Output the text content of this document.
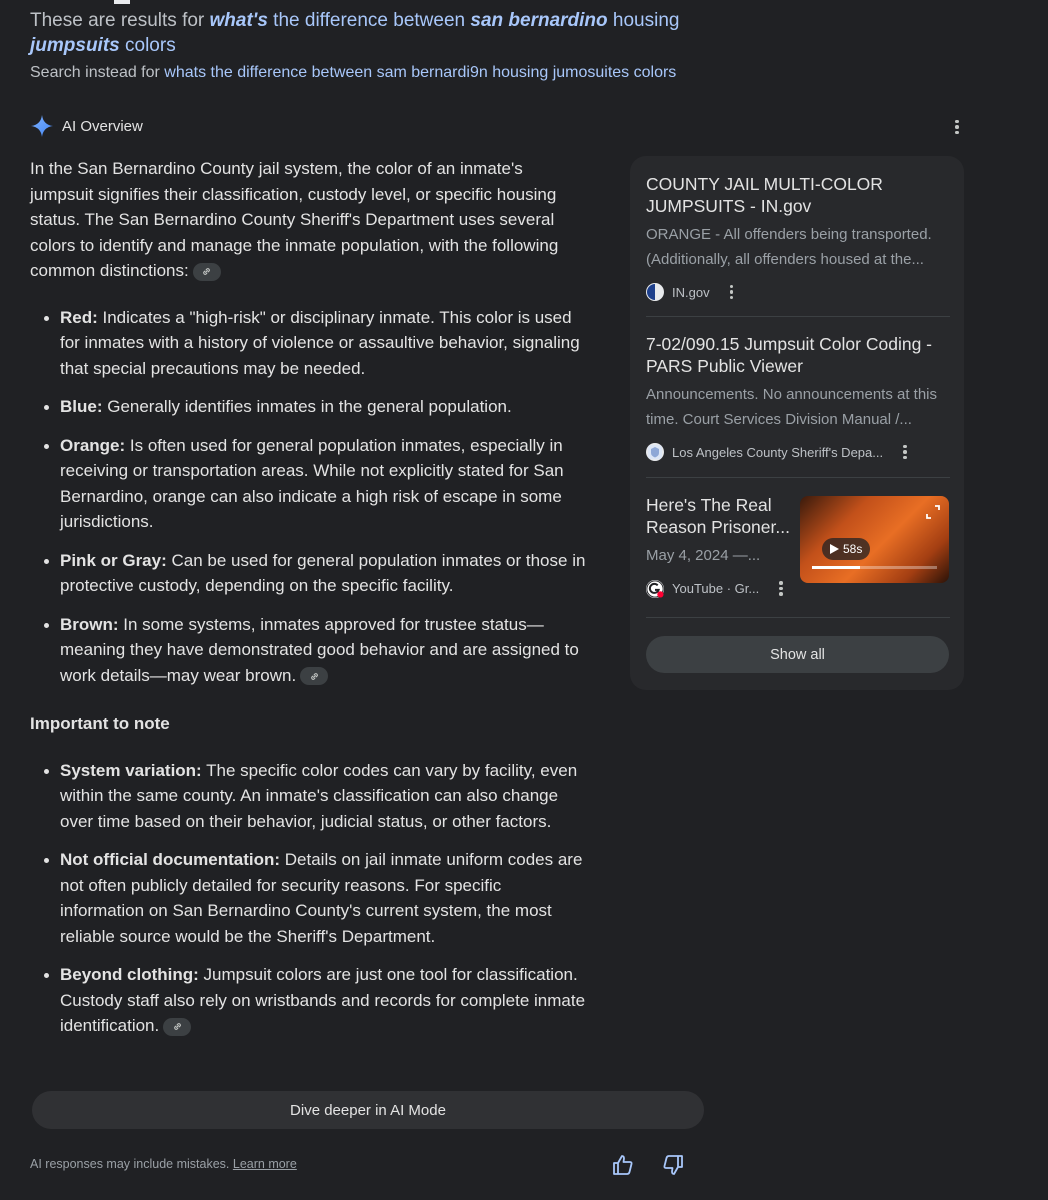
These are results for what's the difference between san bernardino housing jumpsuits colors
Search instead for whats the difference between sam bernardi9n housing jumosuites colors
AI Overview

In the San Bernardino County jail system, the color of an inmate's jumpsuit signifies their classification, custody level, or specific housing status. The San Bernardino County Sheriff's Department uses several colors to identify and manage the inmate population, with the following common distinctions:

Red: Indicates a "high-risk" or disciplinary inmate. This color is used for inmates with a history of violence or assaultive behavior, signaling that special precautions may be needed.
Blue: Generally identifies inmates in the general population.
Orange: Is often used for general population inmates, especially in receiving or transportation areas. While not explicitly stated for San Bernardino, orange can also indicate a high risk of escape in some jurisdictions.
Pink or Gray: Can be used for general population inmates or those in protective custody, depending on the specific facility.
Brown: In some systems, inmates approved for trustee status—meaning they have demonstrated good behavior and are assigned to work details—may wear brown.

Important to note

System variation: The specific color codes can vary by facility, even within the same county. An inmate's classification can also change over time based on their behavior, judicial status, or other factors.
Not official documentation: Details on jail inmate uniform codes are not often publicly detailed for security reasons. For specific information on San Bernardino County's current system, the most reliable source would be the Sheriff's Department.
Beyond clothing: Jumpsuit colors are just one tool for classification. Custody staff also rely on wristbands and records for complete inmate identification.
COUNTY JAIL MULTI-COLOR JUMPSUITS - IN.gov
ORANGE - All offenders being transported. (Additionally, all offenders housed at the...
IN.gov
7-02/090.15 Jumpsuit Color Coding - PARS Public Viewer
Announcements. No announcements at this time. Court Services Division Manual /...
Los Angeles County Sheriff's Depa...
Here's The Real Reason Prisoner...
May 4, 2024 —...
YouTube · Gr...
58s
Show all
Dive deeper in AI Mode
AI responses may include mistakes. Learn more
